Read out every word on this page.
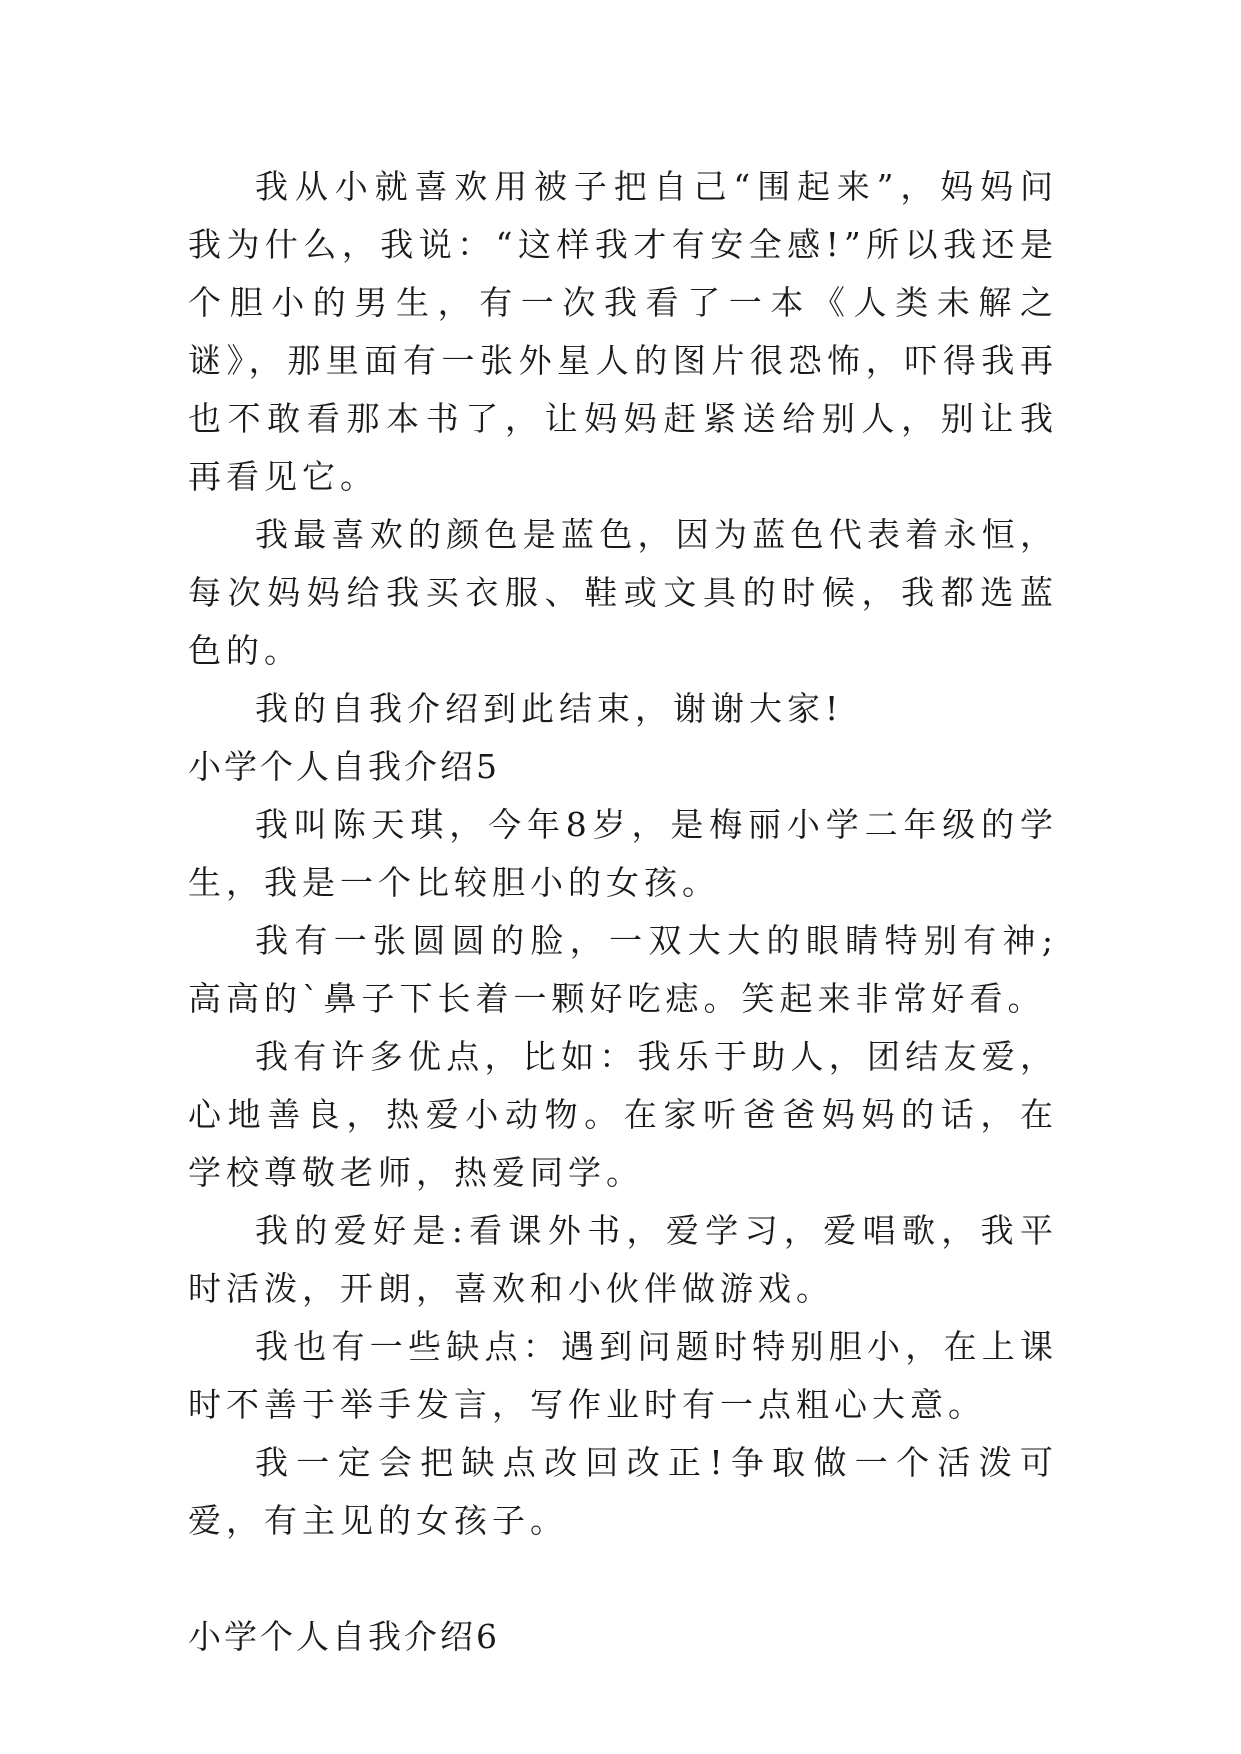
我从小就喜欢用被子把自己“围起来”，妈妈问我为什么，我说：“这样我才有安全感!”所以我还是个胆小的男生，有一次我看了一本《人类未解之谜》，那里面有一张外星人的图片很恐怖，吓得我再也不敢看那本书了，让妈妈赶紧送给别人，别让我再看见它。

我最喜欢的颜色是蓝色，因为蓝色代表着永恒，每次妈妈给我买衣服、鞋或文具的时候，我都选蓝色的。

我的自我介绍到此结束，谢谢大家!

小学个人自我介绍5

我叫陈天琪，今年8岁，是梅丽小学二年级的学生，我是一个比较胆小的女孩。

我有一张圆圆的脸，一双大大的眼睛特别有神;高高的`鼻子下长着一颗好吃痣。笑起来非常好看。

我有许多优点，比如：我乐于助人，团结友爱，心地善良，热爱小动物。在家听爸爸妈妈的话，在学校尊敬老师，热爱同学。

我的爱好是:看课外书，爱学习，爱唱歌，我平时活泼，开朗，喜欢和小伙伴做游戏。

我也有一些缺点：遇到问题时特别胆小，在上课时不善于举手发言，写作业时有一点粗心大意。

我一定会把缺点改回改正!争取做一个活泼可爱，有主见的女孩子。

小学个人自我介绍6
